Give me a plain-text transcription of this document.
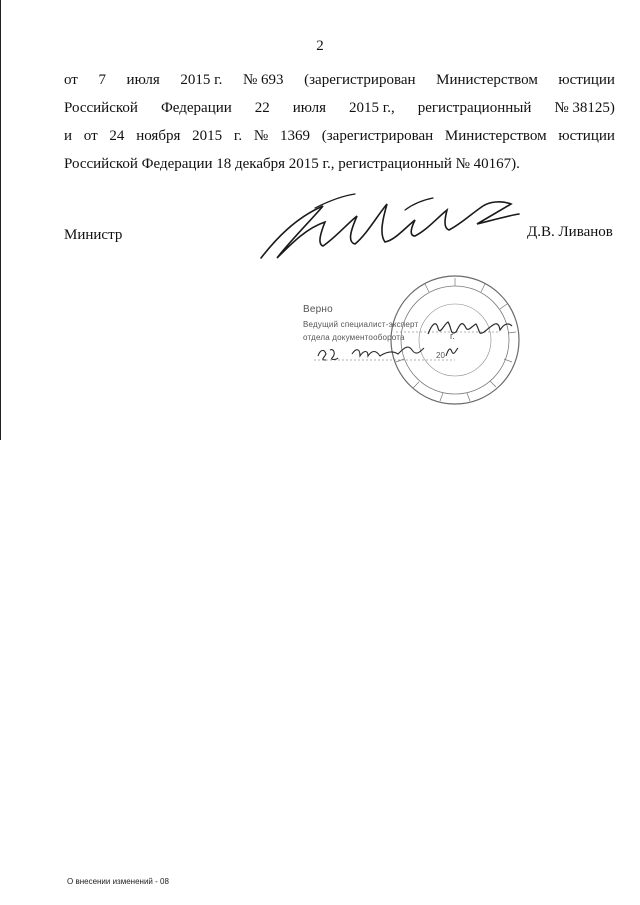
2
от 7 июля 2015 г. № 693 (зарегистрирован Министерством юстиции
Российской Федерации 22 июля 2015 г., регистрационный № 38125)
и от 24 ноября 2015 г. № 1369 (зарегистрирован Министерством юстиции
Российской Федерации 18 декабря 2015 г., регистрационный № 40167).
Министр	Д.В. Ливанов
Верно
Ведущий специалист-эксперт
отдела документооборота	г.
20
О внесении изменений - 08
